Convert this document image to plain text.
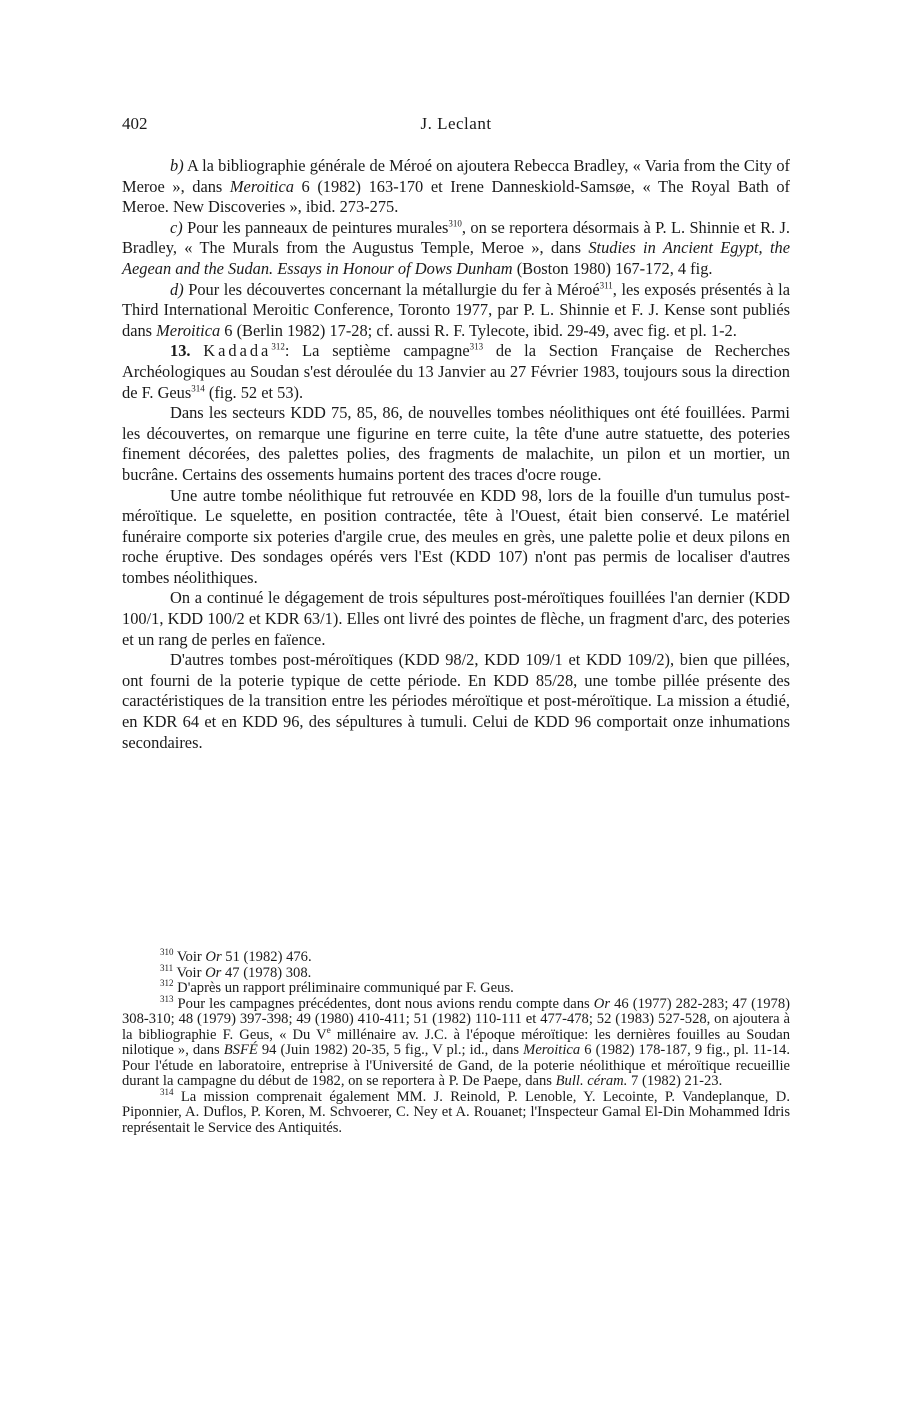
402	J. Leclant

b) A la bibliographie générale de Méroé on ajoutera Rebecca Bradley, « Varia from the City of Meroe », dans Meroitica 6 (1982) 163-170 et Irene Danneskiold-Samsøe, « The Royal Bath of Meroe. New Discoveries », ibid. 273-275.

c) Pour les panneaux de peintures murales$^{310}$, on se reportera désormais à P. L. Shinnie et R. J. Bradley, « The Murals from the Augustus Temple, Meroe », dans Studies in Ancient Egypt, the Aegean and the Sudan. Essays in Honour of Dows Dunham (Boston 1980) 167-172, 4 fig.

d) Pour les découvertes concernant la métallurgie du fer à Méroé$^{311}$, les exposés présentés à la Third International Meroitic Conference, Toronto 1977, par P. L. Shinnie et F. J. Kense sont publiés dans Meroitica 6 (Berlin 1982) 17-28; cf. aussi R. F. Tylecote, ibid. 29-49, avec fig. et pl. 1-2.

13. Kadada$^{312}$: La septième campagne$^{313}$ de la Section Française de Recherches Archéologiques au Soudan s'est déroulée du 13 Janvier au 27 Février 1983, toujours sous la direction de F. Geus$^{314}$ (fig. 52 et 53).

Dans les secteurs KDD 75, 85, 86, de nouvelles tombes néolithiques ont été fouillées. Parmi les découvertes, on remarque une figurine en terre cuite, la tête d'une autre statuette, des poteries finement décorées, des palettes polies, des fragments de malachite, un pilon et un mortier, un bucrâne. Certains des ossements humains portent des traces d'ocre rouge.

Une autre tombe néolithique fut retrouvée en KDD 98, lors de la fouille d'un tumulus post-méroïtique. Le squelette, en position contractée, tête à l'Ouest, était bien conservé. Le matériel funéraire comporte six poteries d'argile crue, des meules en grès, une palette polie et deux pilons en roche éruptive. Des sondages opérés vers l'Est (KDD 107) n'ont pas permis de localiser d'autres tombes néolithiques.

On a continué le dégagement de trois sépultures post-méroïtiques fouillées l'an dernier (KDD 100/1, KDD 100/2 et KDR 63/1). Elles ont livré des pointes de flèche, un fragment d'arc, des poteries et un rang de perles en faïence.

D'autres tombes post-méroïtiques (KDD 98/2, KDD 109/1 et KDD 109/2), bien que pillées, ont fourni de la poterie typique de cette période. En KDD 85/28, une tombe pillée présente des caractéristiques de la transition entre les périodes méroïtique et post-méroïtique. La mission a étudié, en KDR 64 et en KDD 96, des sépultures à tumuli. Celui de KDD 96 comportait onze inhumations secondaires.

$^{310}$ Voir Or 51 (1982) 476.

$^{311}$ Voir Or 47 (1978) 308.

$^{312}$ D'après un rapport préliminaire communiqué par F. Geus.

$^{313}$ Pour les campagnes précédentes, dont nous avions rendu compte dans Or 46 (1977) 282-283; 47 (1978) 308-310; 48 (1979) 397-398; 49 (1980) 410-411; 51 (1982) 110-111 et 477-478; 52 (1983) 527-528, on ajoutera à la bibliographie F. Geus, « Du Ve millénaire av. J.C. à l'époque méroïtique: les dernières fouilles au Soudan nilotique », dans BSFÉ 94 (Juin 1982) 20-35, 5 fig., V pl.; id., dans Meroitica 6 (1982) 178-187, 9 fig., pl. 11-14. Pour l'étude en laboratoire, entreprise à l'Université de Gand, de la poterie néolithique et méroïtique recueillie durant la campagne du début de 1982, on se reportera à P. De Paepe, dans Bull. céram. 7 (1982) 21-23.

$^{314}$ La mission comprenait également MM. J. Reinold, P. Lenoble, Y. Lecointe, P. Vandeplanque, D. Piponnier, A. Duflos, P. Koren, M. Schvoerer, C. Ney et A. Rouanet; l'Inspecteur Gamal El-Din Mohammed Idris représentait le Service des Antiquités.
